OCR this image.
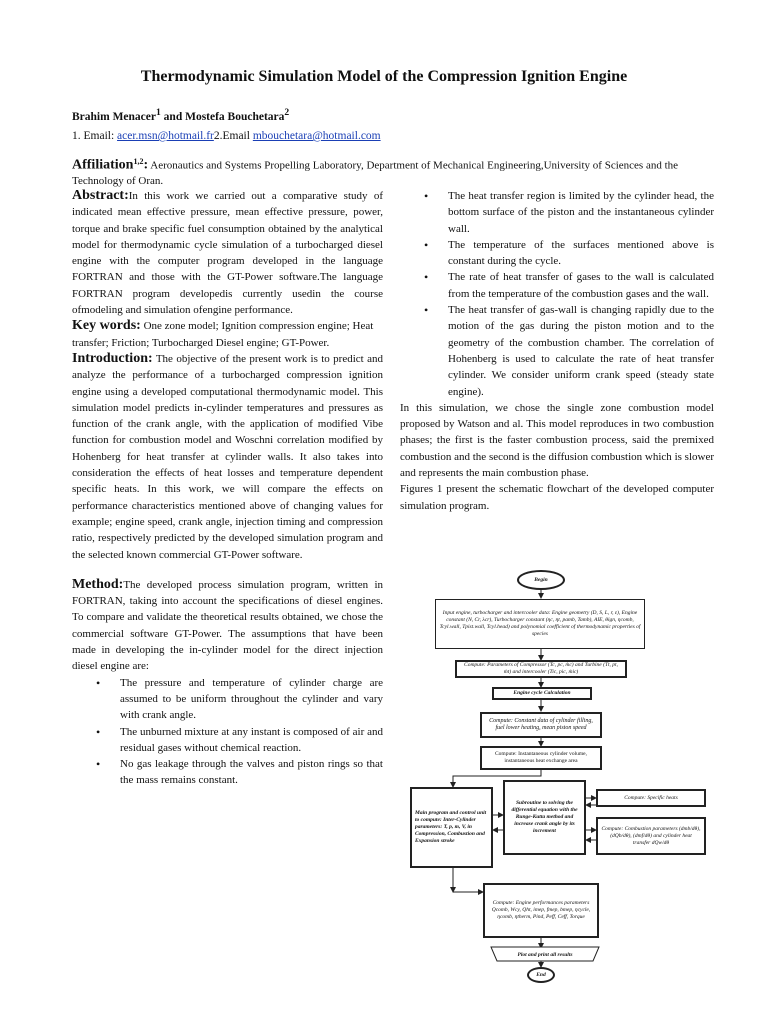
Thermodynamic Simulation Model of the Compression Ignition Engine
Brahim Menacer$^1$ and Mostefa Bouchetara$^2$
1. Email: acer.msn@hotmail.fr2.Email mbouchetara@hotmail.com
Affiliation$^{1,2}$: Aeronautics and Systems Propelling Laboratory, Department of Mechanical Engineering,University of Sciences and the Technology of Oran.

Abstract:In this work we carried out a comparative study of indicated mean effective pressure, mean effective pressure, power, torque and brake specific fuel consumption obtained by the analytical model for thermodynamic cycle simulation of a turbocharged diesel engine with the computer program developed in the language FORTRAN and those with the GT-Power software.The language FORTRAN program developedis currently usedin the course ofmodeling and simulation ofengine performance.

Key words: One zone model; Ignition compression engine; Heat transfer; Friction; Turbocharged Diesel engine; GT-Power.

Introduction: The objective of the present work is to predict and analyze the performance of a turbocharged compression ignition engine using a developed computational thermodynamic model. This simulation model predicts in-cylinder temperatures and pressures as function of the crank angle, with the application of modified Vibe function for combustion model and Woschni correlation modified by Hohenberg for heat transfer at cylinder walls. It also takes into consideration the effects of heat losses and temperature dependent specific heats. In this work, we will compare the effects on performance characteristics mentioned above of changing values for example; engine speed, crank angle, injection timing and compression ratio, respectively predicted by the developed simulation program and the selected known commercial GT-Power software.

Method:The developed process simulation program, written in FORTRAN, taking into account the specifications of diesel engines. To compare and validate the theoretical results obtained, we chose the commercial software GT-Power. The assumptions that have been made in developing the in-cylinder model for the direct injection diesel engine are:

• The pressure and temperature of cylinder charge are assumed to be uniform throughout the cylinder and vary with crank angle.
• The unburned mixture at any instant is composed of air and residual gases without chemical reaction.
• No gas leakage through the valves and piston rings so that the mass remains constant.
• The heat transfer region is limited by the cylinder head, the bottom surface of the piston and the instantaneous cylinder wall.
• The temperature of the surfaces mentioned above is constant during the cycle.
• The rate of heat transfer of gases to the wall is calculated from the temperature of the combustion gases and the wall.
• The heat transfer of gas-wall is changing rapidly due to the motion of the gas during the piston motion and to the geometry of the combustion chamber. The correlation of Hohenberg is used to calculate the rate of heat transfer cylinder. We consider uniform crank speed (steady state engine).

In this simulation, we chose the single zone combustion model proposed by Watson and al. This model reproduces in two combustion phases; the first is the faster combustion process, said the premixed combustion and the second is the diffusion combustion which is slower and represents the main combustion phase.

Figures 1 present the schematic flowchart of the developed computer simulation program.

Begin
Input engine, turbocharger and intercooler data: Engine geometry (D, S, L, r, ε), Engine constant (N, Cr, λcr), Turbocharger constant (ηc, ηt, pamb, Tamb), AIE, θign, ηcomb, Tcyl.wall, Tpist.wall, Tcyl.head) and polynomial coefficient of thermodynamic properties of species
Compute: Parameters of Compressor (Tc, pc, ṁc) and Turbine (Tt, pt, ṁt) and intercooler (Tic, pic, ṁic)
Engine cycle Calculation
Compute: Constant data of cylinder filling, fuel lower heating, mean piston speed
Compute: Instantaneous cylinder volume, instantaneous heat exchange area
Main program and control unit to compute: Inter-Cylinder parameters: T, p, m, V, in Compression, Combustion and Expansion stroke
Subroutine to solving the differential equation with the Runge-Kutta method and increase crank angle by its increment
Compute: Specific heats
Compute: Combustion parameters (dmb/dθ), (dQb/dθ), (dmf/dθ) and cylinder heat transfer dQw/dθ
Compute: Engine performances parameters Qcomb, Wcy, Qht, imep, fmep, bmep, ηcycle, ηcomb, ηtherm, Pind, Peff, Ceff, Torque
Plot and print all results
End
